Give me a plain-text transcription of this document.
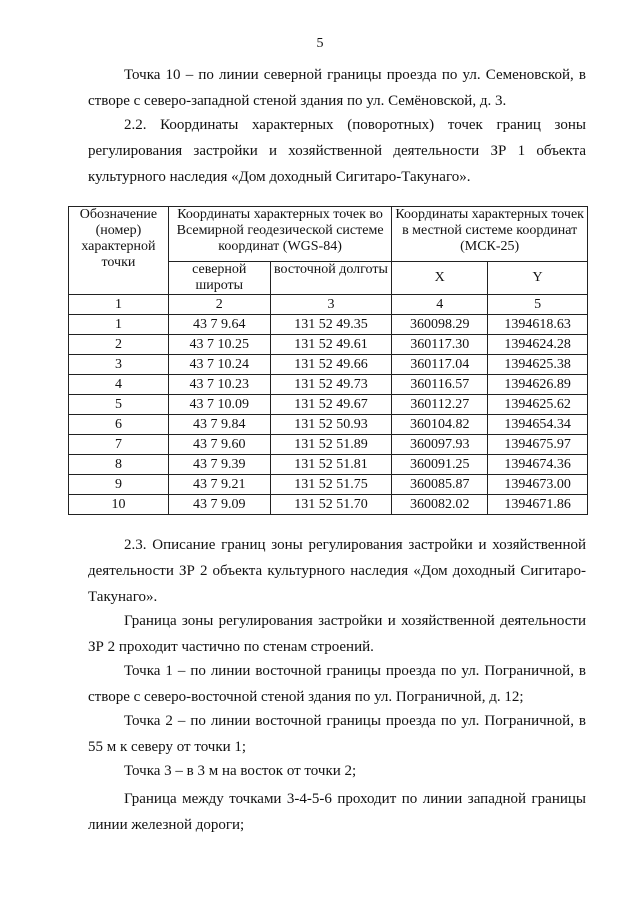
5
Точка 10 – по линии северной границы проезда по ул. Семеновской, в
створе с северо-западной стеной здания по ул. Семёновской, д. 3.
2.2. Координаты характерных (поворотных) точек границ зоны
регулирования застройки и хозяйственной деятельности ЗР 1 объекта
культурного наследия «Дом доходный Сигитаро-Такунаго».
Обозначение (номер) характерной точки	Координаты характерных точек во Всемирной геодезической системе координат (WGS-84)		Координаты характерных точек в местной системе координат (МСК-25)	
	северной широты	восточной долготы	X	Y
1	2	3	4	5
1	43 7 9.64	131 52 49.35	360098.29	1394618.63
2	43 7 10.25	131 52 49.61	360117.30	1394624.28
3	43 7 10.24	131 52 49.66	360117.04	1394625.38
4	43 7 10.23	131 52 49.73	360116.57	1394626.89
5	43 7 10.09	131 52 49.67	360112.27	1394625.62
6	43 7 9.84	131 52 50.93	360104.82	1394654.34
7	43 7 9.60	131 52 51.89	360097.93	1394675.97
8	43 7 9.39	131 52 51.81	360091.25	1394674.36
9	43 7 9.21	131 52 51.75	360085.87	1394673.00
10	43 7 9.09	131 52 51.70	360082.02	1394671.86
2.3. Описание границ зоны регулирования застройки и хозяйственной
деятельности ЗР 2 объекта культурного наследия «Дом доходный Сигитаро-
Такунаго».
Граница зоны регулирования застройки и хозяйственной деятельности
ЗР 2 проходит частично по стенам строений.
Точка 1 – по линии восточной границы проезда по ул. Пограничной, в
створе с северо-восточной стеной здания по ул. Пограничной, д. 12;
Точка 2 – по линии восточной границы проезда по ул. Пограничной, в
55 м к северу от точки 1;
Точка 3 – в 3 м на восток от точки 2;
Граница между точками 3-4-5-6 проходит по линии западной границы
линии железной дороги;
